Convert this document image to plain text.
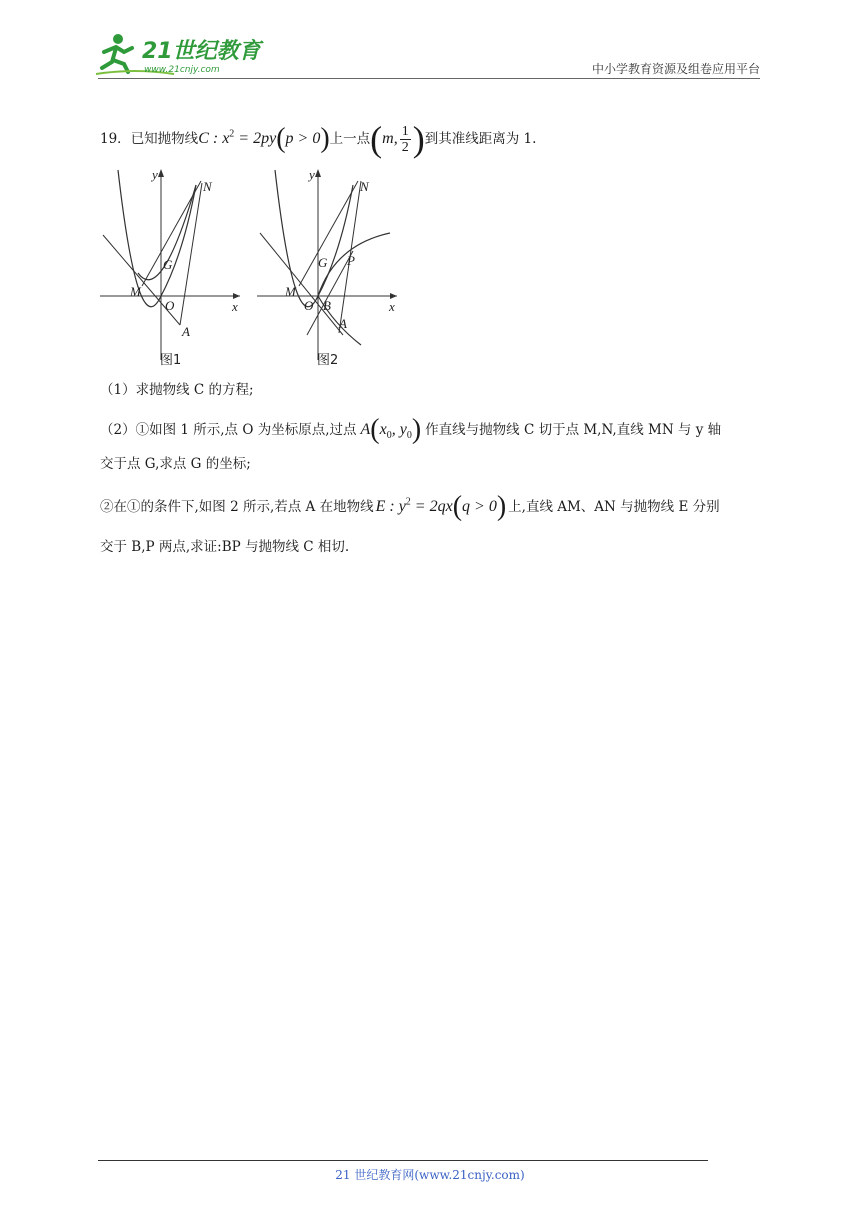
21世纪教育
www.21cnjy.com	中小学教育资源及组卷应用平台
19．已知抛物线C : $x^2 = 2py(p > 0)$上一点(m, $\frac{1}{2}$ )到其准线距离为 1.
y
x
N
G
M
O
A
图1
y
x
N
G P
M
O B
A
图2
（1）求抛物线 C 的方程;
（2）①如图 1 所示,点 O 为坐标原点,过点 $A(x_0$, $y_0$) 作直线与抛物线 C 切于点 M,N,直线 MN 与 y 轴
交于点 G,求点 G 的坐标;
②在①的条件下,如图 2 所示,若点 A 在地物线 E : $y^2 = 2qx(q > 0)$ 上,直线 AM、AN 与抛物线 E 分别
交于 B,P 两点,求证:BP 与抛物线 C 相切.
21 世纪教育网(www.21cnjy.com)
